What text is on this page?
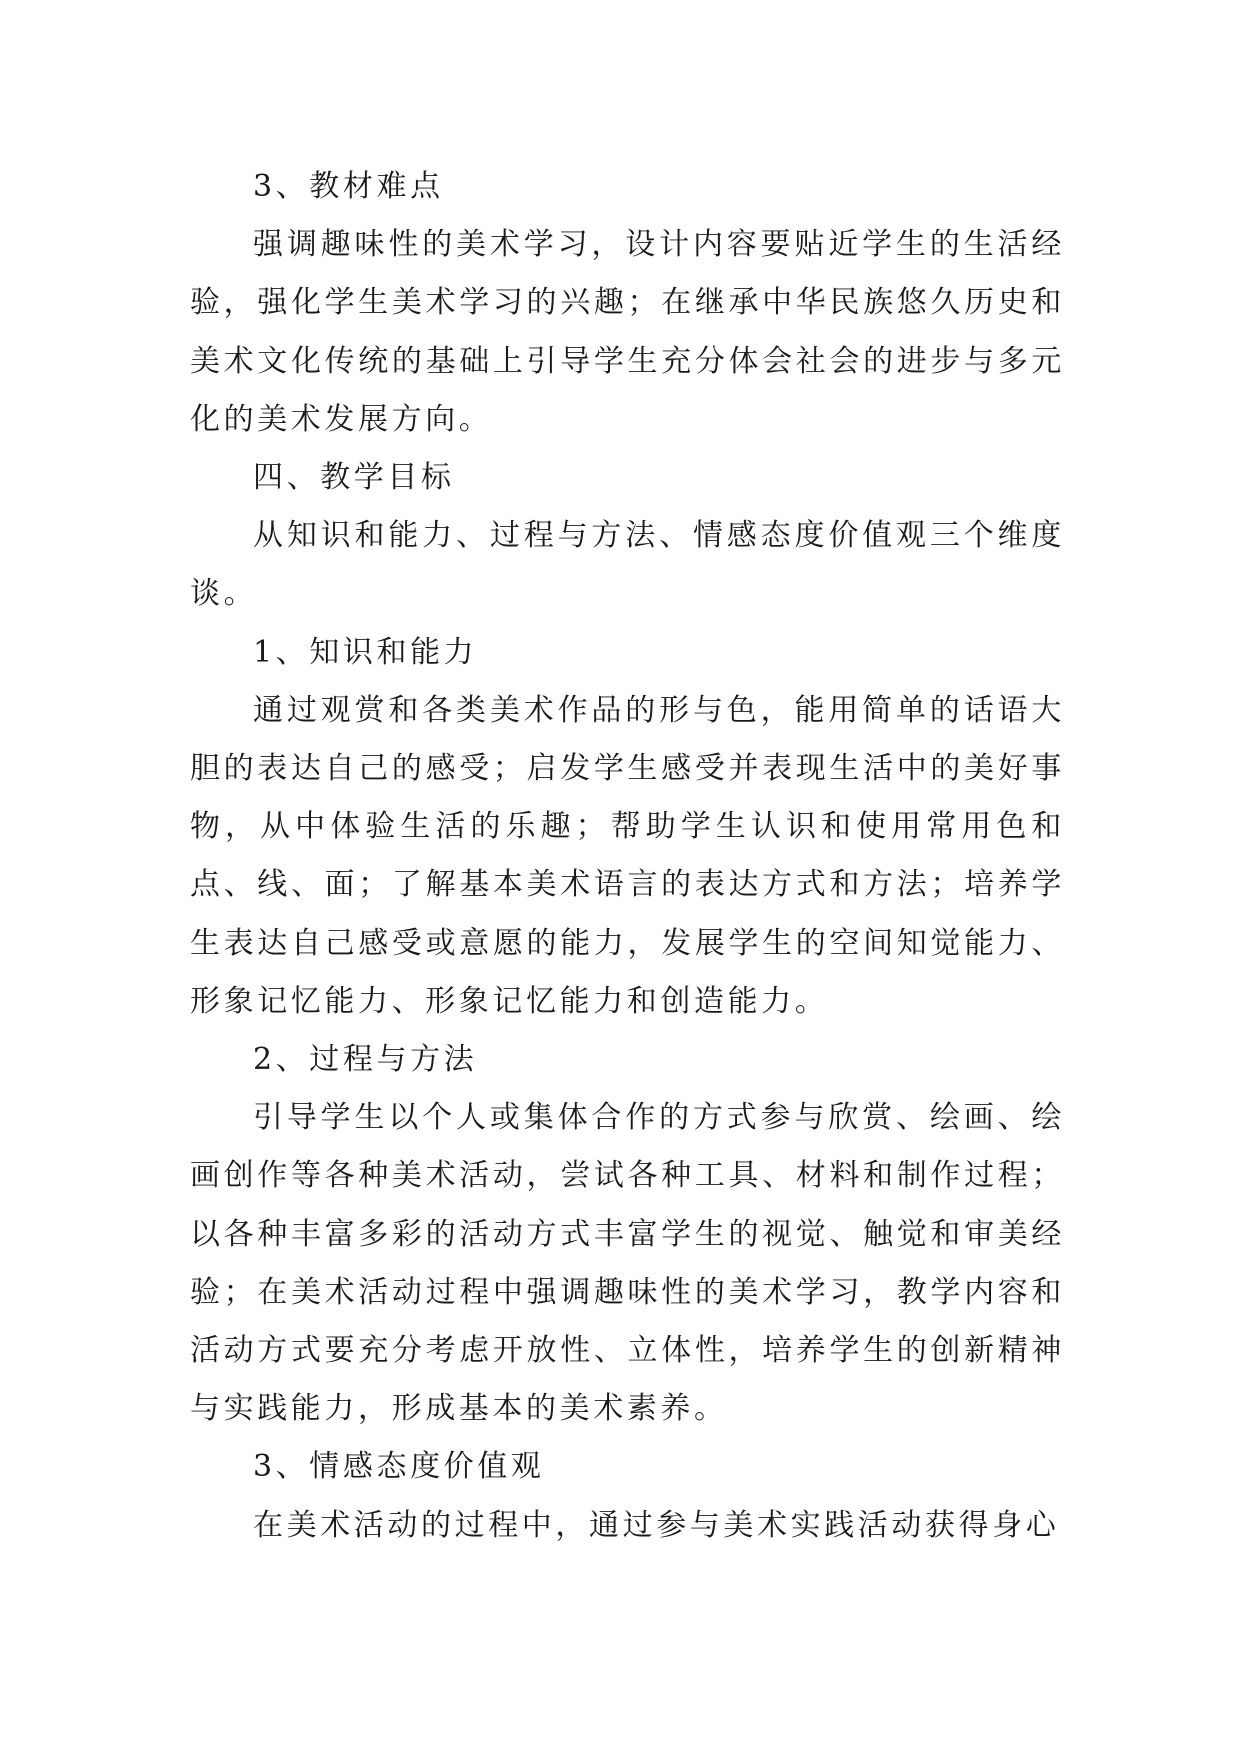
3、教材难点

强调趣味性的美术学习，设计内容要贴近学生的生活经验，强化学生美术学习的兴趣；在继承中华民族悠久历史和美术文化传统的基础上引导学生充分体会社会的进步与多元化的美术发展方向。

四、教学目标

从知识和能力、过程与方法、情感态度价值观三个维度谈。

1、知识和能力

通过观赏和各类美术作品的形与色，能用简单的话语大胆的表达自己的感受；启发学生感受并表现生活中的美好事物，从中体验生活的乐趣；帮助学生认识和使用常用色和点、线、面；了解基本美术语言的表达方式和方法；培养学生表达自己感受或意愿的能力，发展学生的空间知觉能力、形象记忆能力、形象记忆能力和创造能力。

2、过程与方法

引导学生以个人或集体合作的方式参与欣赏、绘画、绘画创作等各种美术活动，尝试各种工具、材料和制作过程；以各种丰富多彩的活动方式丰富学生的视觉、触觉和审美经验；在美术活动过程中强调趣味性的美术学习，教学内容和活动方式要充分考虑开放性、立体性，培养学生的创新精神与实践能力，形成基本的美术素养。

3、情感态度价值观

在美术活动的过程中，通过参与美术实践活动获得身心
